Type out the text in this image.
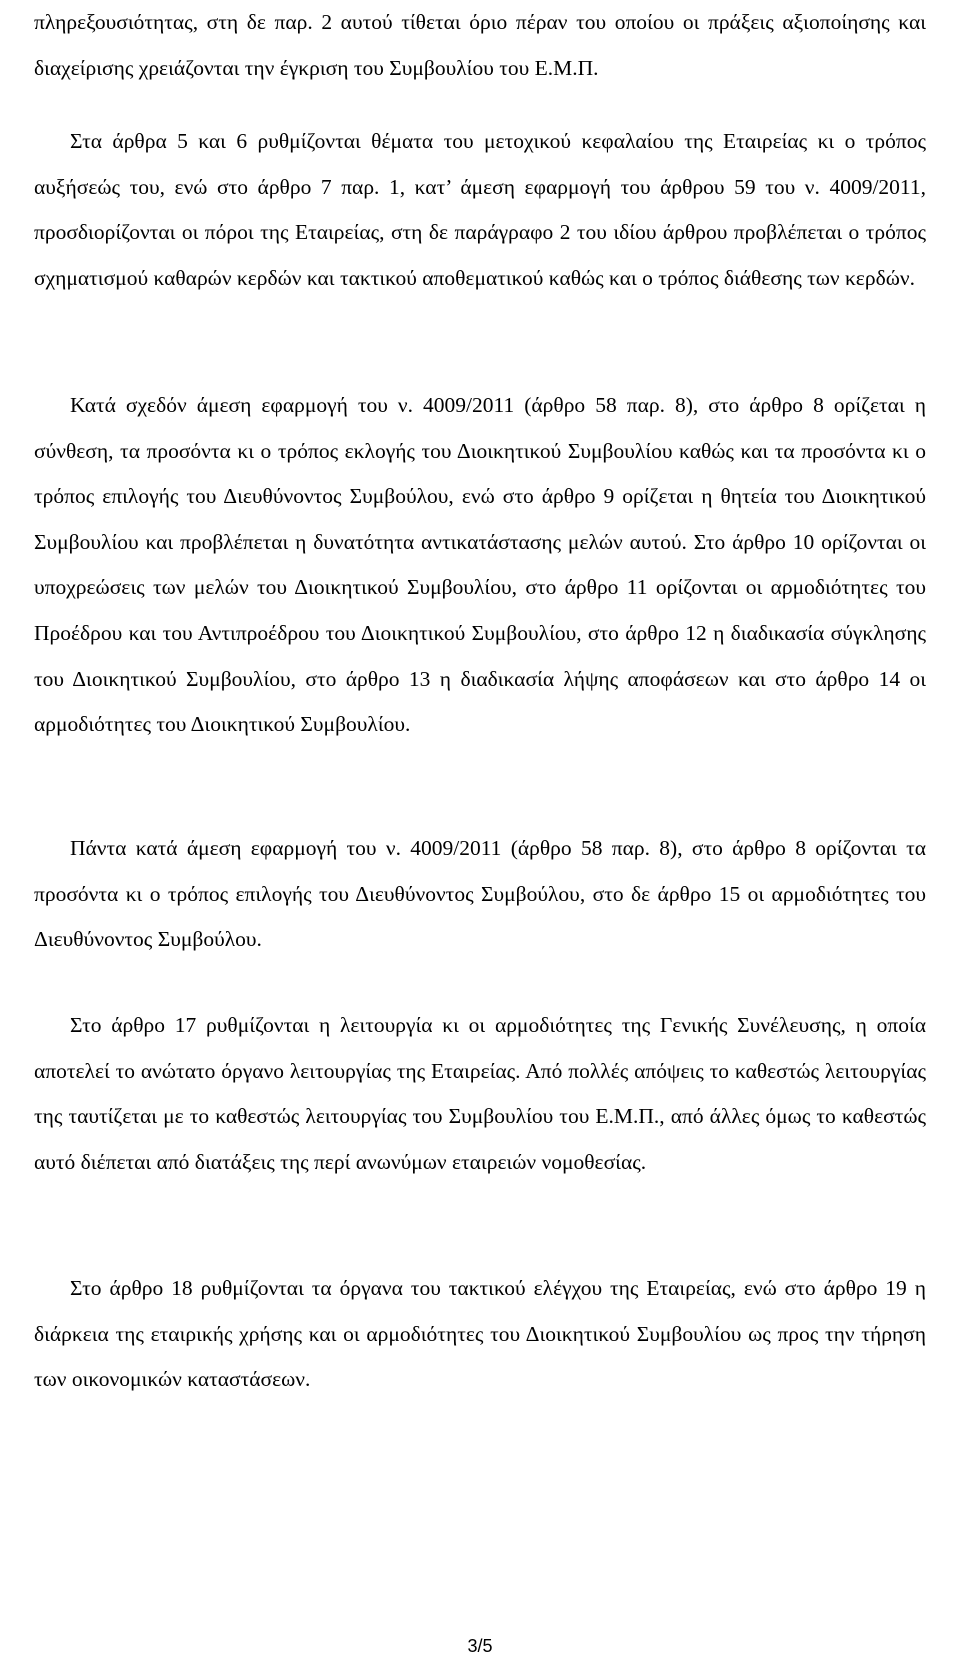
πληρεξουσιότητας, στη δε παρ. 2 αυτού τίθεται όριο πέραν του οποίου οι πράξεις αξιοποίησης και διαχείρισης χρειάζονται την έγκριση του Συμβουλίου του Ε.Μ.Π.

Στα άρθρα 5 και 6 ρυθμίζονται θέματα του μετοχικού κεφαλαίου της Εταιρείας κι ο τρόπος αυξήσεώς του, ενώ στο άρθρο 7 παρ. 1, κατ’ άμεση εφαρμογή του άρθρου 59 του ν. 4009/2011, προσδιορίζονται οι πόροι της Εταιρείας, στη δε παράγραφο 2 του ιδίου άρθρου προβλέπεται ο τρόπος σχηματισμού καθαρών κερδών και τακτικού αποθεματικού καθώς και ο τρόπος διάθεσης των κερδών.

Κατά σχεδόν άμεση εφαρμογή του ν. 4009/2011 (άρθρο 58 παρ. 8), στο άρθρο 8 ορίζεται η σύνθεση, τα προσόντα κι ο τρόπος εκλογής του Διοικητικού Συμβουλίου καθώς και τα προσόντα κι ο τρόπος επιλογής του Διευθύνοντος Συμβούλου, ενώ στο άρθρο 9 ορίζεται η θητεία του Διοικητικού Συμβουλίου και προβλέπεται η δυνατότητα αντικατάστασης μελών αυτού. Στο άρθρο 10 ορίζονται οι υποχρεώσεις των μελών του Διοικητικού Συμβουλίου, στο άρθρο 11 ορίζονται οι αρμοδιότητες του Προέδρου και του Αντιπροέδρου του Διοικητικού Συμβουλίου, στο άρθρο 12 η διαδικασία σύγκλησης του Διοικητικού Συμβουλίου, στο άρθρο 13 η διαδικασία λήψης αποφάσεων και στο άρθρο 14 οι αρμοδιότητες του Διοικητικού Συμβουλίου.

Πάντα κατά άμεση εφαρμογή του ν. 4009/2011 (άρθρο 58 παρ. 8), στο άρθρο 8 ορίζονται τα προσόντα κι ο τρόπος επιλογής του Διευθύνοντος Συμβούλου, στο δε άρθρο 15 οι αρμοδιότητες του Διευθύνοντος Συμβούλου.

Στο άρθρο 17 ρυθμίζονται η λειτουργία κι οι αρμοδιότητες της Γενικής Συνέλευσης, η οποία αποτελεί το ανώτατο όργανο λειτουργίας της Εταιρείας. Από πολλές απόψεις το καθεστώς λειτουργίας της ταυτίζεται με το καθεστώς λειτουργίας του Συμβουλίου του Ε.Μ.Π., από άλλες όμως το καθεστώς αυτό διέπεται από διατάξεις της περί ανωνύμων εταιρειών νομοθεσίας.

Στο άρθρο 18 ρυθμίζονται τα όργανα του τακτικού ελέγχου της Εταιρείας, ενώ στο άρθρο 19 η διάρκεια της εταιρικής χρήσης και οι αρμοδιότητες του Διοικητικού Συμβουλίου ως προς την τήρηση των οικονομικών καταστάσεων.

3/5
